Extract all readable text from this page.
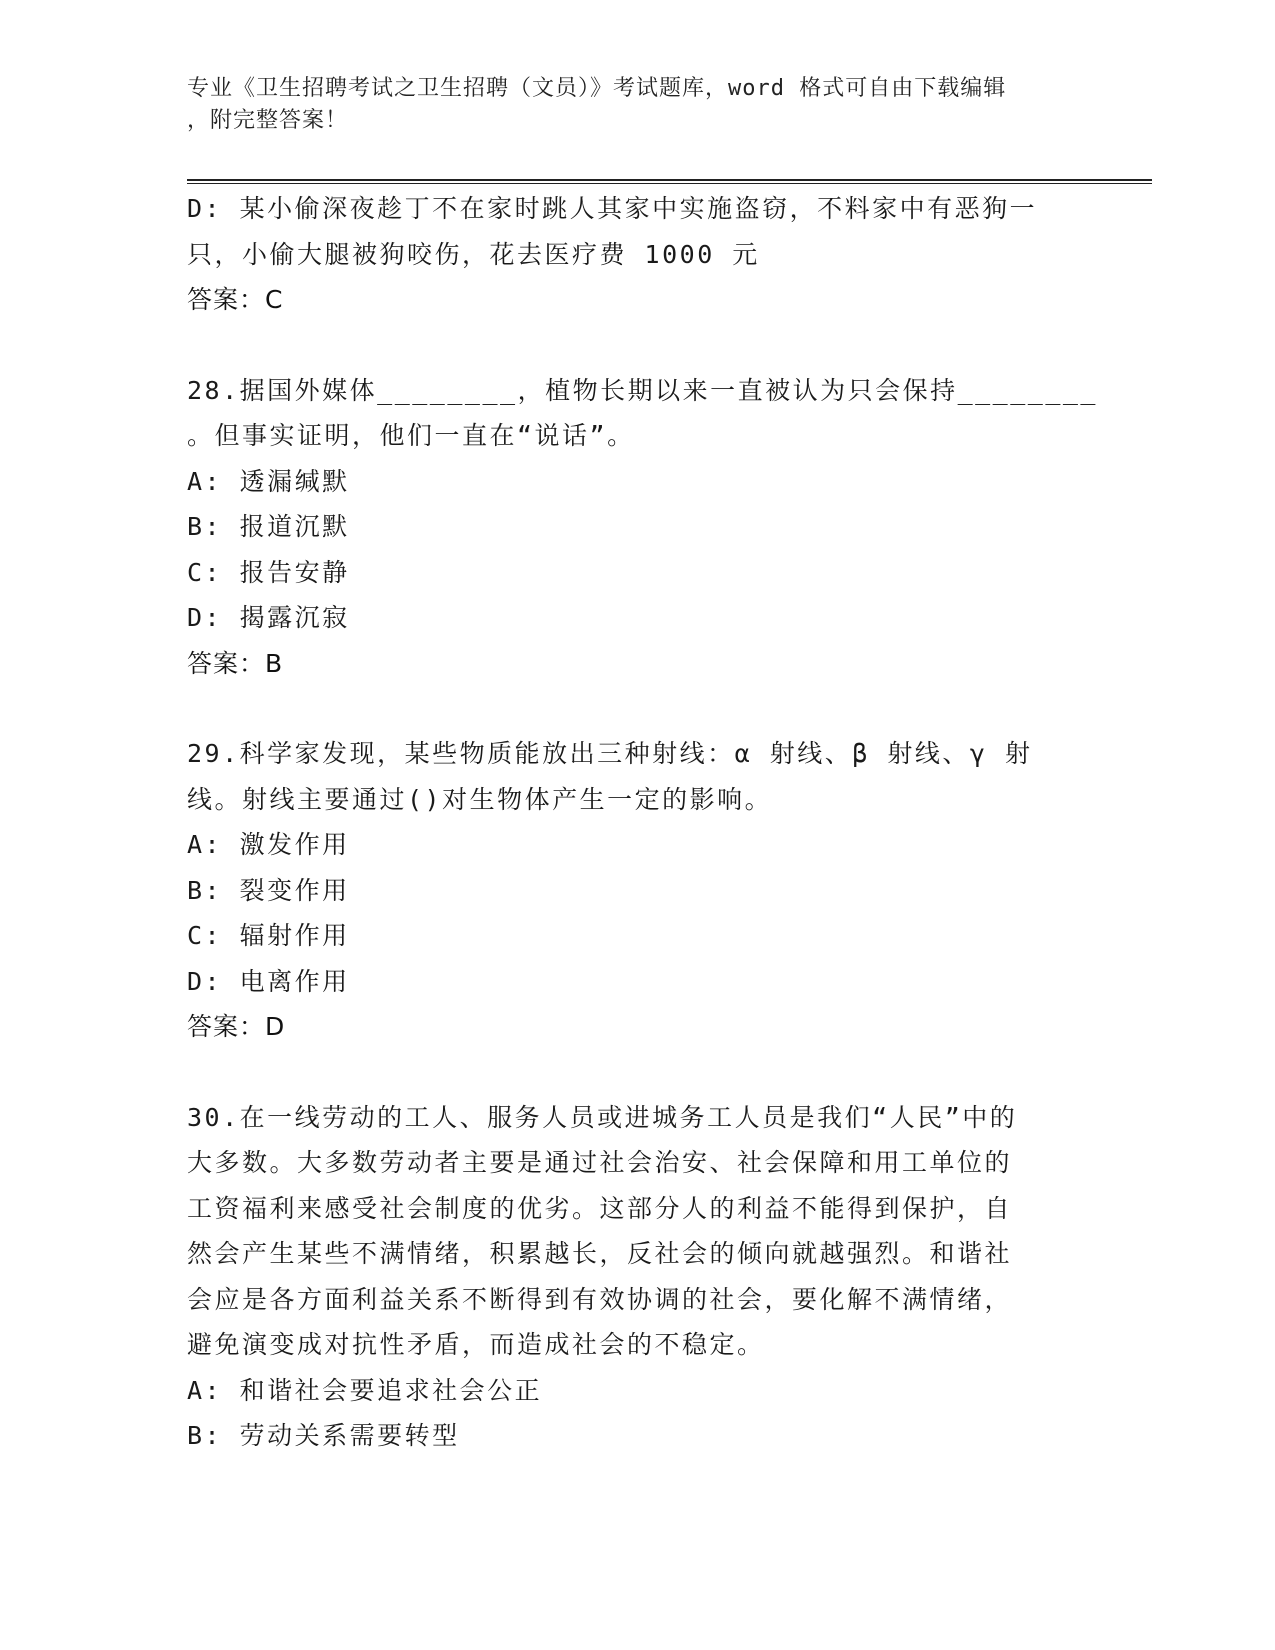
专业《卫生招聘考试之卫生招聘（文员）》考试题库，word 格式可自由下载编辑
，附完整答案！
D: 某小偷深夜趁丁不在家时跳人其家中实施盗窃，不料家中有恶狗一
只，小偷大腿被狗咬伤，花去医疗费 1000 元
答案：C
28.据国外媒体________，植物长期以来一直被认为只会保持________
。但事实证明，他们一直在“说话”。
A: 透漏缄默
B: 报道沉默
C: 报告安静
D: 揭露沉寂
答案：B
29.科学家发现，某些物质能放出三种射线：α 射线、β 射线、γ 射
线。射线主要通过()对生物体产生一定的影响。
A: 激发作用
B: 裂变作用
C: 辐射作用
D: 电离作用
答案：D
30.在一线劳动的工人、服务人员或进城务工人员是我们“人民”中的
大多数。大多数劳动者主要是通过社会治安、社会保障和用工单位的
工资福利来感受社会制度的优劣。这部分人的利益不能得到保护，自
然会产生某些不满情绪，积累越长，反社会的倾向就越强烈。和谐社
会应是各方面利益关系不断得到有效协调的社会，要化解不满情绪，
避免演变成对抗性矛盾，而造成社会的不稳定。
A: 和谐社会要追求社会公正
B: 劳动关系需要转型
